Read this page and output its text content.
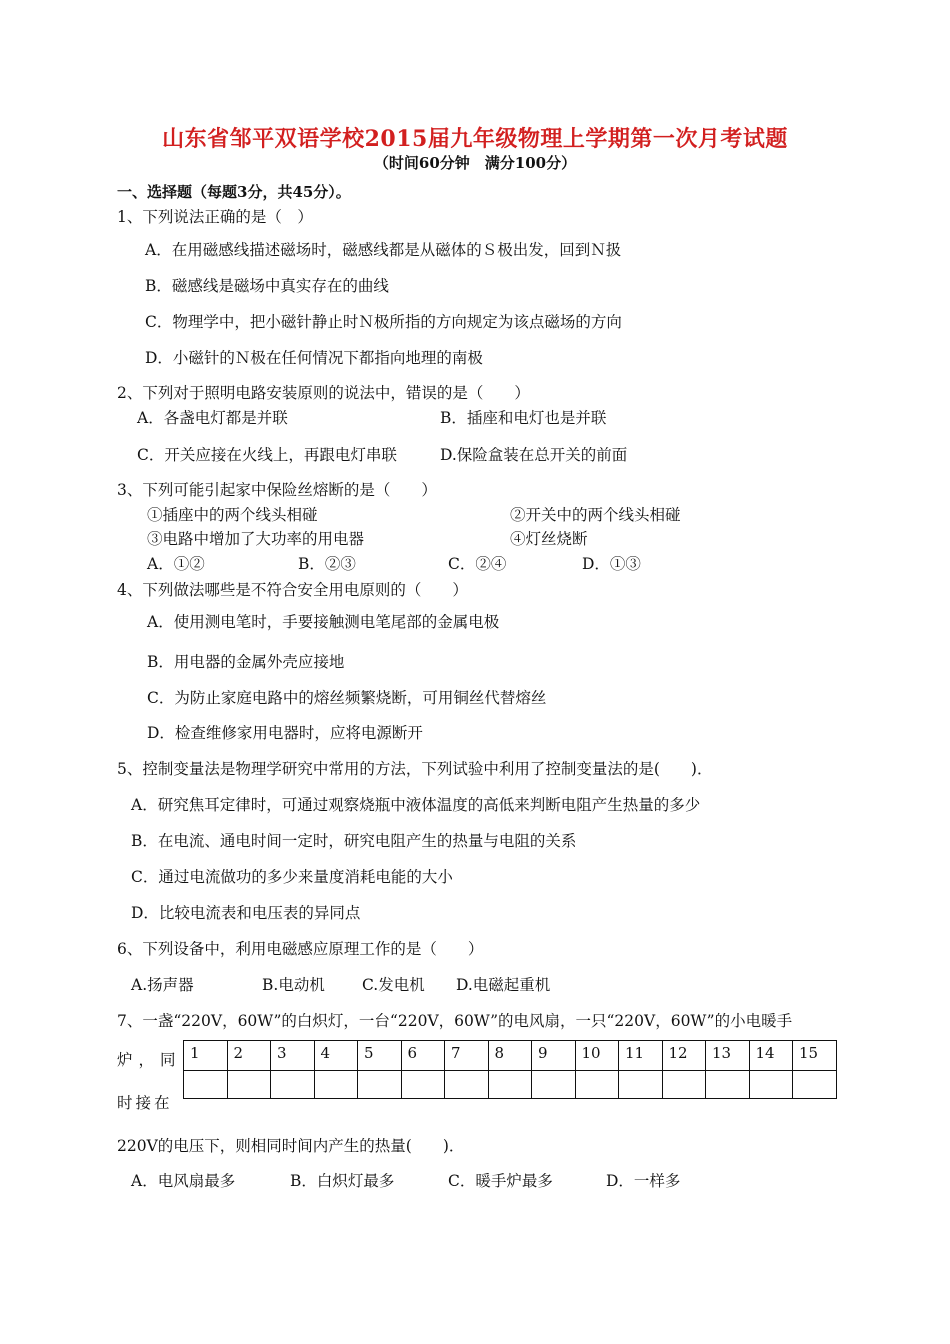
山东省邹平双语学校2015届九年级物理上学期第一次月考试题
（时间60分钟　满分100分）
一、选择题（每题3分，共45分）。
1、下列说法正确的是（　）
A．在用磁感线描述磁场时，磁感线都是从磁体的Ｓ极出发，回到Ｎ扱
B．磁感线是磁场中真实存在的曲线
C．物理学中，把小磁针静止时Ｎ极所指的方向规定为该点磁场的方向
D．小磁针的Ｎ极在任何情况下都指向地理的南极
2、下列对于照明电路安装原则的说法中，错误的是（　　）
A．各盏电灯都是并联	B．插座和电灯也是并联
C．开关应接在火线上，再跟电灯串联	D.保险盒装在总开关的前面
3、下列可能引起家中保险丝熔断的是（　　）
①插座中的两个线头相碰	②开关中的两个线头相碰
③电路中增加了大功率的用电器	④灯丝烧断
A．①②	B．②③	C．②④	D．①③
4、下列做法哪些是不符合安全用电原则的（　　）
A．使用测电笔时，手要接触测电笔尾部的金属电极
B．用电器的金属外壳应接地
C．为防止家庭电路中的熔丝频繁烧断，可用铜丝代替熔丝
D．检查维修家用电器时，应将电源断开
5、控制变量法是物理学研究中常用的方法，下列试验中利用了控制变量法的是(　　)．
A．研究焦耳定律时，可通过观察烧瓶中液体温度的高低来判断电阻产生热量的多少
B．在电流、通电时间一定时，研究电阻产生的热量与电阻的关系
C．通过电流做功的多少来量度消耗电能的大小
D．比较电流表和电压表的异同点
6、下列设备中，利用电磁感应原理工作的是（　　）
A.扬声器	B.电动机 C.发电机 D.电磁起重机
7、一盏“220V，60W”的白炽灯，一台“220V，60W”的电风扇，一只“220V，60W”的小电暖手
炉，同
时接在
1	2	3	4	5	6	7	8	9	10	11	12	13	14	15

220V的电压下，则相同时间内产生的热量(　　)．
A．电风扇最多	B．白炽灯最多	C．暖手炉最多	D．一样多
